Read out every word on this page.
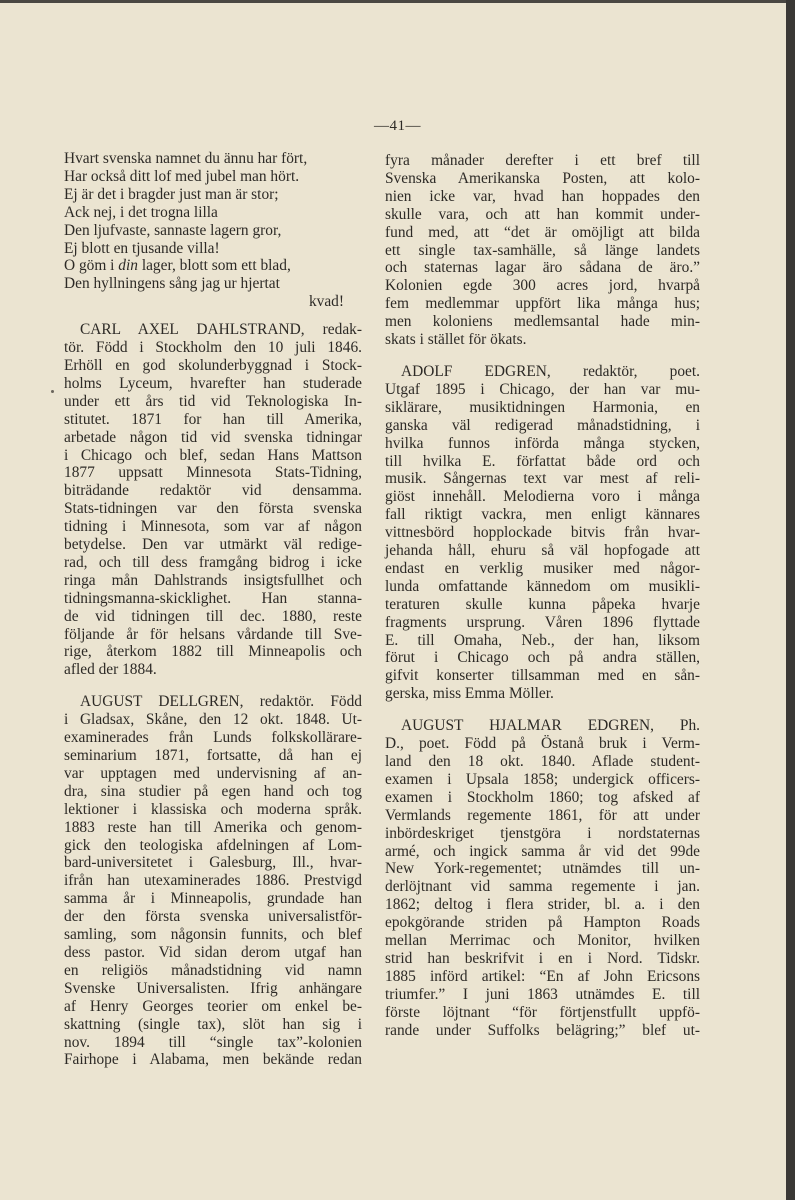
—41—
Hvart svenska namnet du ännu har fört,
Har också ditt lof med jubel man hört.
Ej är det i bragder just man är stor;
Ack nej, i det trogna lilla
Den ljufvaste, sannaste lagern gror,
Ej blott en tjusande villa!
O göm i din lager, blott som ett blad,
Den hyllningens sång jag ur hjertat
kvad!
CARL AXEL DAHLSTRAND, redak-
tör. Född i Stockholm den 10 juli 1846.
Erhöll en god skolunderbyggnad i Stock-
holms Lyceum, hvarefter han studerade
under ett års tid vid Teknologiska In-
stitutet. 1871 for han till Amerika,
arbetade någon tid vid svenska tidningar
i Chicago och blef, sedan Hans Mattson
1877 uppsatt Minnesota Stats-Tidning,
biträdande redaktör vid densamma.
Stats-tidningen var den första svenska
tidning i Minnesota, som var af någon
betydelse. Den var utmärkt väl redige-
rad, och till dess framgång bidrog i icke
ringa mån Dahlstrands insigtsfullhet och
tidningsmanna-skicklighet. Han stanna-
de vid tidningen till dec. 1880, reste
följande år för helsans vårdande till Sve-
rige, återkom 1882 till Minneapolis och
afled der 1884.
AUGUST DELLGREN, redaktör. Född
i Gladsax, Skåne, den 12 okt. 1848. Ut-
examinerades från Lunds folkskollärare-
seminarium 1871, fortsatte, då han ej
var upptagen med undervisning af an-
dra, sina studier på egen hand och tog
lektioner i klassiska och moderna språk.
1883 reste han till Amerika och genom-
gick den teologiska afdelningen af Lom-
bard-universitetet i Galesburg, Ill., hvar-
ifrån han utexaminerades 1886. Prestvigd
samma år i Minneapolis, grundade han
der den första svenska universalistför-
samling, som någonsin funnits, och blef
dess pastor. Vid sidan derom utgaf han
en religiös månadstidning vid namn
Svenske Universalisten. Ifrig anhängare
af Henry Georges teorier om enkel be-
skattning (single tax), slöt han sig i
nov. 1894 till “single tax”-kolonien
Fairhope i Alabama, men bekände redan
fyra månader derefter i ett bref till
Svenska Amerikanska Posten, att kolo-
nien icke var, hvad han hoppades den
skulle vara, och att han kommit under-
fund med, att “det är omöjligt att bilda
ett single tax-samhälle, så länge landets
och staternas lagar äro sådana de äro.”
Kolonien egde 300 acres jord, hvarpå
fem medlemmar uppfört lika många hus;
men koloniens medlemsantal hade min-
skats i stället för ökats.
ADOLF EDGREN, redaktör, poet.
Utgaf 1895 i Chicago, der han var mu-
siklärare, musiktidningen Harmonia, en
ganska väl redigerad månadstidning, i
hvilka funnos införda många stycken,
till hvilka E. författat både ord och
musik. Sångernas text var mest af reli-
giöst innehåll. Melodierna voro i många
fall riktigt vackra, men enligt kännares
vittnesbörd hopplockade bitvis från hvar-
jehanda håll, ehuru så väl hopfogade att
endast en verklig musiker med någor-
lunda omfattande kännedom om musikli-
teraturen skulle kunna påpeka hvarje
fragments ursprung. Våren 1896 flyttade
E. till Omaha, Neb., der han, liksom
förut i Chicago och på andra ställen,
gifvit konserter tillsamman med en sån-
gerska, miss Emma Möller.
AUGUST HJALMAR EDGREN, Ph.
D., poet. Född på Östanå bruk i Verm-
land den 18 okt. 1840. Aflade student-
examen i Upsala 1858; undergick officers-
examen i Stockholm 1860; tog afsked af
Vermlands regemente 1861, för att under
inbördeskriget tjenstgöra i nordstaternas
armé, och ingick samma år vid det 99de
New York-regementet; utnämdes till un-
derlöjtnant vid samma regemente i jan.
1862; deltog i flera strider, bl. a. i den
epokgörande striden på Hampton Roads
mellan Merrimac och Monitor, hvilken
strid han beskrifvit i en i Nord. Tidskr.
1885 införd artikel: “En af John Ericsons
triumfer.” I juni 1863 utnämdes E. till
förste löjtnant “för förtjenstfullt uppfö-
rande under Suffolks belägring;” blef ut-
